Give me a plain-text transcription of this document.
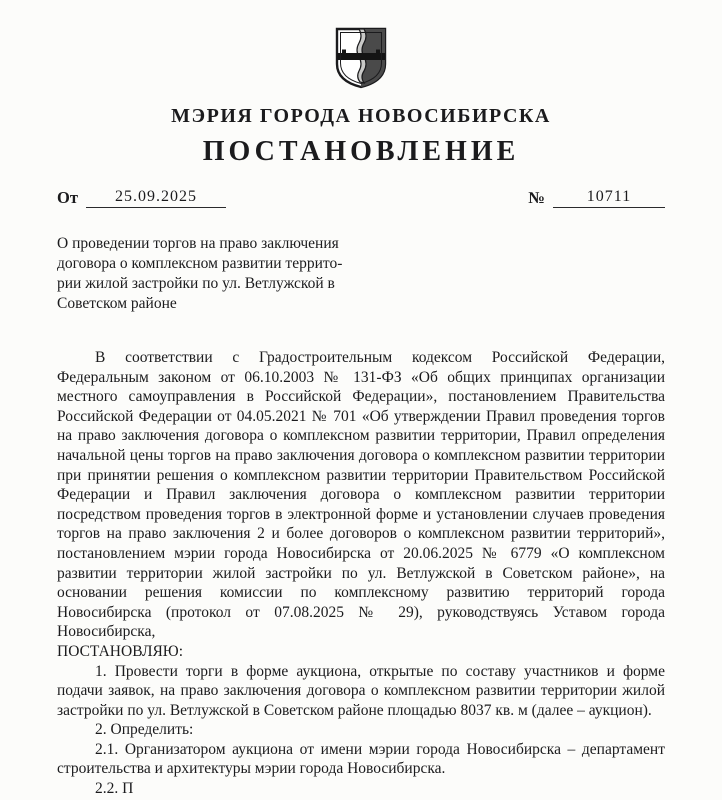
МЭРИЯ ГОРОДА НОВОСИБИРСКА
ПОСТАНОВЛЕНИЕ
От	25.09.2025	№	10711
О проведении торгов на право заключения
договора о комплексном развитии террито-
рии жилой застройки по ул. Ветлужской в
Советском районе

В соответствии с Градостроительным кодексом Российской Федерации, Федеральным законом от 06.10.2003 № 131-ФЗ «Об общих принципах организации местного самоуправления в Российской Федерации», постановлением Правительства Российской Федерации от 04.05.2021 № 701 «Об утверждении Правил проведения торгов на право заключения договора о комплексном развитии территории, Правил определения начальной цены торгов на право заключения договора о комплексном развитии территории при принятии решения о комплексном развитии территории Правительством Российской Федерации и Правил заключения договора о комплексном развитии территории посредством проведения торгов в электронной форме и установлении случаев проведения торгов на право заключения 2 и более договоров о комплексном развитии территорий», постановлением мэрии города Новосибирска от 20.06.2025 № 6779 «О комплексном развитии территории жилой застройки по ул. Ветлужской в Советском районе», на основании решения комиссии по комплексному развитию территорий города Новосибирска (протокол от 07.08.2025 № 29), руководствуясь Уставом города Новосибирска,

ПОСТАНОВЛЯЮ:

1. Провести торги в форме аукциона, открытые по составу участников и форме подачи заявок, на право заключения договора о комплексном развитии территории жилой застройки по ул. Ветлужской в Советском районе площадью 8037 кв. м (далее – аукцион).

2. Определить:

2.1. Организатором аукциона от имени мэрии города Новосибирска – департамент строительства и архитектуры мэрии города Новосибирска.

2.2. П
